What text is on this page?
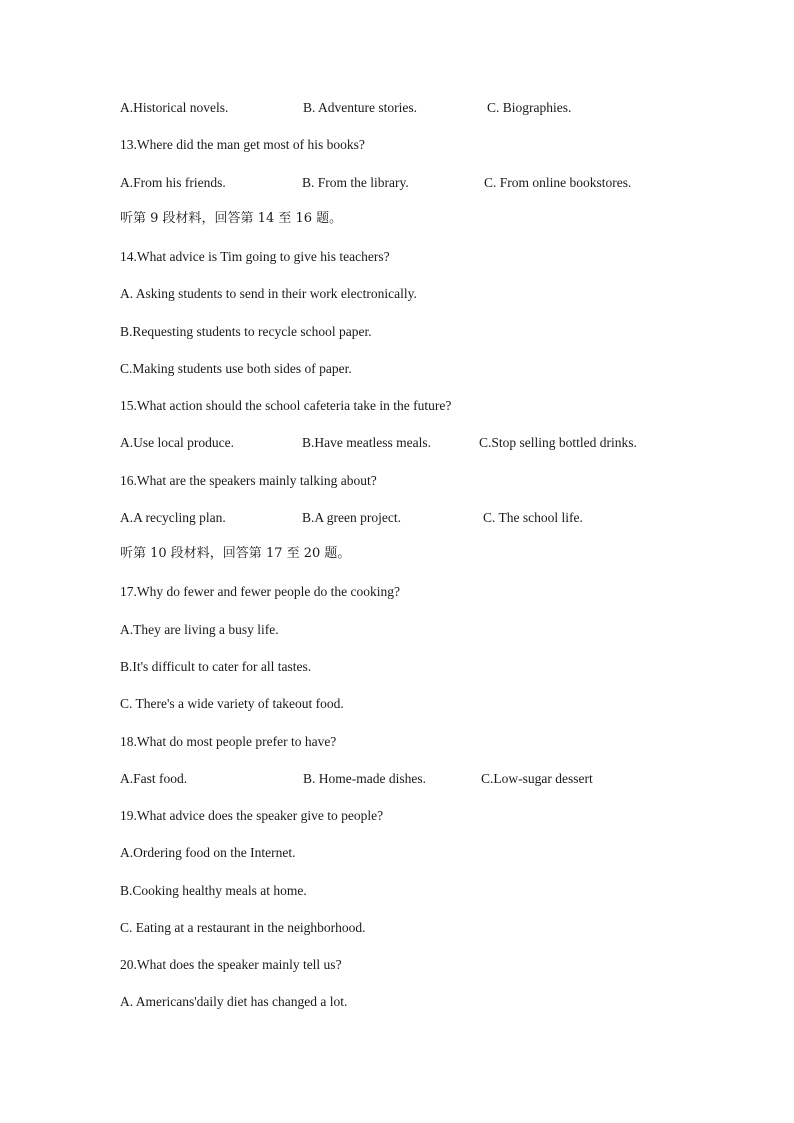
A.Historical novels.	B. Adventure stories.	C. Biographies.
13.Where did the man get most of his books?
A.From his friends.	B. From the library.	C. From online bookstores.
听第 9 段材料，回答第 14 至 16 题。
14.What advice is Tim going to give his teachers?
A. Asking students to send in their work electronically.
B.Requesting students to recycle school paper.
C.Making students use both sides of paper.
15.What action should the school cafeteria take in the future?
A.Use local produce.	B.Have meatless meals.	C.Stop selling bottled drinks.
16.What are the speakers mainly talking about?
A.A recycling plan.	B.A green project.	C. The school life.
听第 10 段材料，回答第 17 至 20 题。
17.Why do fewer and fewer people do the cooking?
A.They are living a busy life.
B.It's difficult to cater for all tastes.
C. There's a wide variety of takeout food.
18.What do most people prefer to have?
A.Fast food.	B. Home-made dishes.	C.Low-sugar dessert
19.What advice does the speaker give to people?
A.Ordering food on the Internet.
B.Cooking healthy meals at home.
C. Eating at a restaurant in the neighborhood.
20.What does the speaker mainly tell us?
A. Americans'daily diet has changed a lot.
